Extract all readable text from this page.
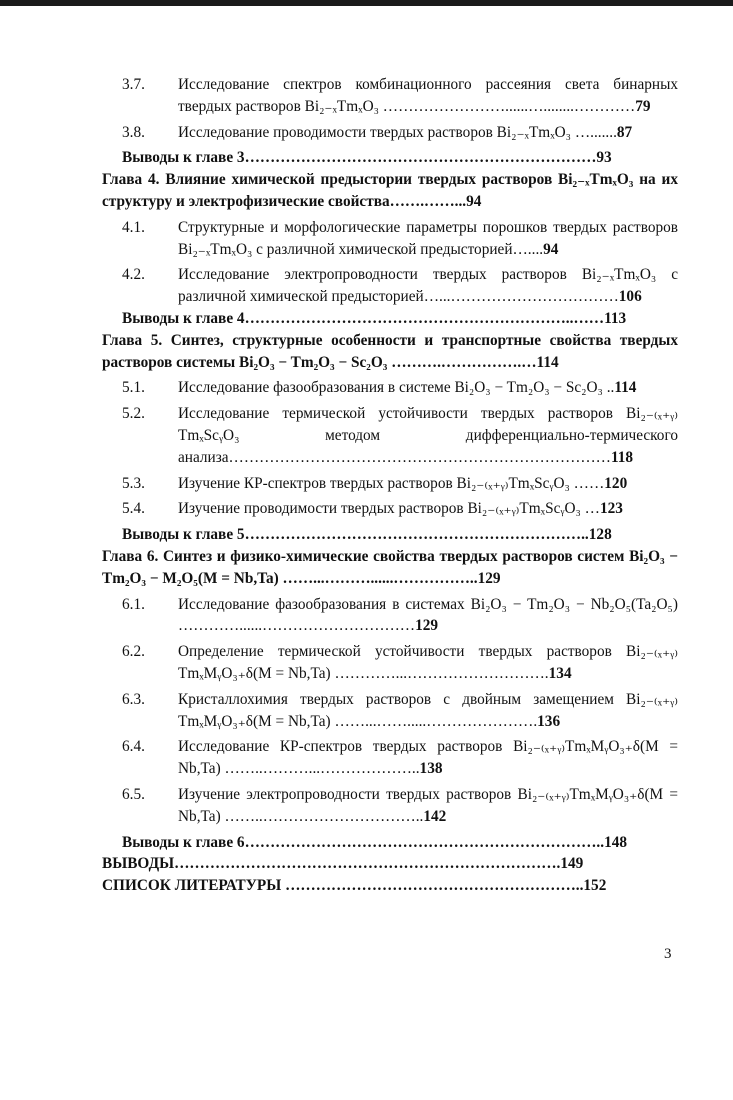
3.7.	Исследование спектров комбинационного рассеяния света бинарных твердых растворов Bi₂₋ₓTmₓO₃ ……………………......…........…………79
3.8.	Исследование проводимости твердых растворов Bi₂₋ₓTmₓO₃ ….......87
Выводы к главе 3……………………………………………………………93
Глава 4. Влияние химической предыстории твердых растворов Bi₂₋ₓTmₓO₃ на их структуру и электрофизические свойства…….……...94
4.1.	Структурные и морфологические параметры порошков твердых растворов Bi₂₋ₓTmₓO₃ с различной химической предысторией…....94
4.2.	Исследование электропроводности твердых растворов Bi₂₋ₓTmₓO₃ с различной химической предысторией…...……………………………106
Выводы к главе 4………………………………………………………..……113
Глава 5. Синтез, структурные особенности и транспортные свойства твердых растворов системы Bi₂O₃ − Tm₂O₃ − Sc₂O₃ ……….…………….…114
5.1.	Исследование фазообразования в системе Bi₂O₃ − Tm₂O₃ − Sc₂O₃ ..114
5.2.	Исследование термической устойчивости твердых растворов Bi₂₋₍ₓ₊ᵧ₎TmₓScᵧO₃ методом дифференциально-термического анализа…………………………………………………………………118
5.3.	Изучение КР-спектров твердых растворов Bi₂₋₍ₓ₊ᵧ₎TmₓScᵧO₃ ……120
5.4.	Изучение проводимости твердых растворов Bi₂₋₍ₓ₊ᵧ₎TmₓScᵧO₃ …123
Выводы к главе 5…………………………………………………………..128
Глава 6. Синтез и физико-химические свойства твердых растворов систем Bi₂O₃ − Tm₂O₃ − M₂O₅(M = Nb,Ta) ……...………......……………..129
6.1.	Исследование фазообразования в системах Bi₂O₃ − Tm₂O₃ − Nb₂O₅(Ta₂O₅) …………......…………………………129
6.2.	Определение термической устойчивости твердых растворов Bi₂₋₍ₓ₊ᵧ₎TmₓMᵧO₃₊δ(M = Nb,Ta) …………...……………………….134
6.3.	Кристаллохимия твердых растворов с двойным замещением Bi₂₋₍ₓ₊ᵧ₎TmₓMᵧO₃₊δ(M = Nb,Ta) ……...…….....………………….136
6.4.	Исследование КР-спектров твердых растворов Bi₂₋₍ₓ₊ᵧ₎TmₓMᵧO₃₊δ(M = Nb,Ta) ……..………...………………..138
6.5.	Изучение электропроводности твердых растворов Bi₂₋₍ₓ₊ᵧ₎TmₓMᵧO₃₊δ(M = Nb,Ta) ……..…………………………..142
Выводы к главе 6……………………………………………………………..148
ВЫВОДЫ………………………………………………………………….149
СПИСОК ЛИТЕРАТУРЫ …………………………………………………..152
3
